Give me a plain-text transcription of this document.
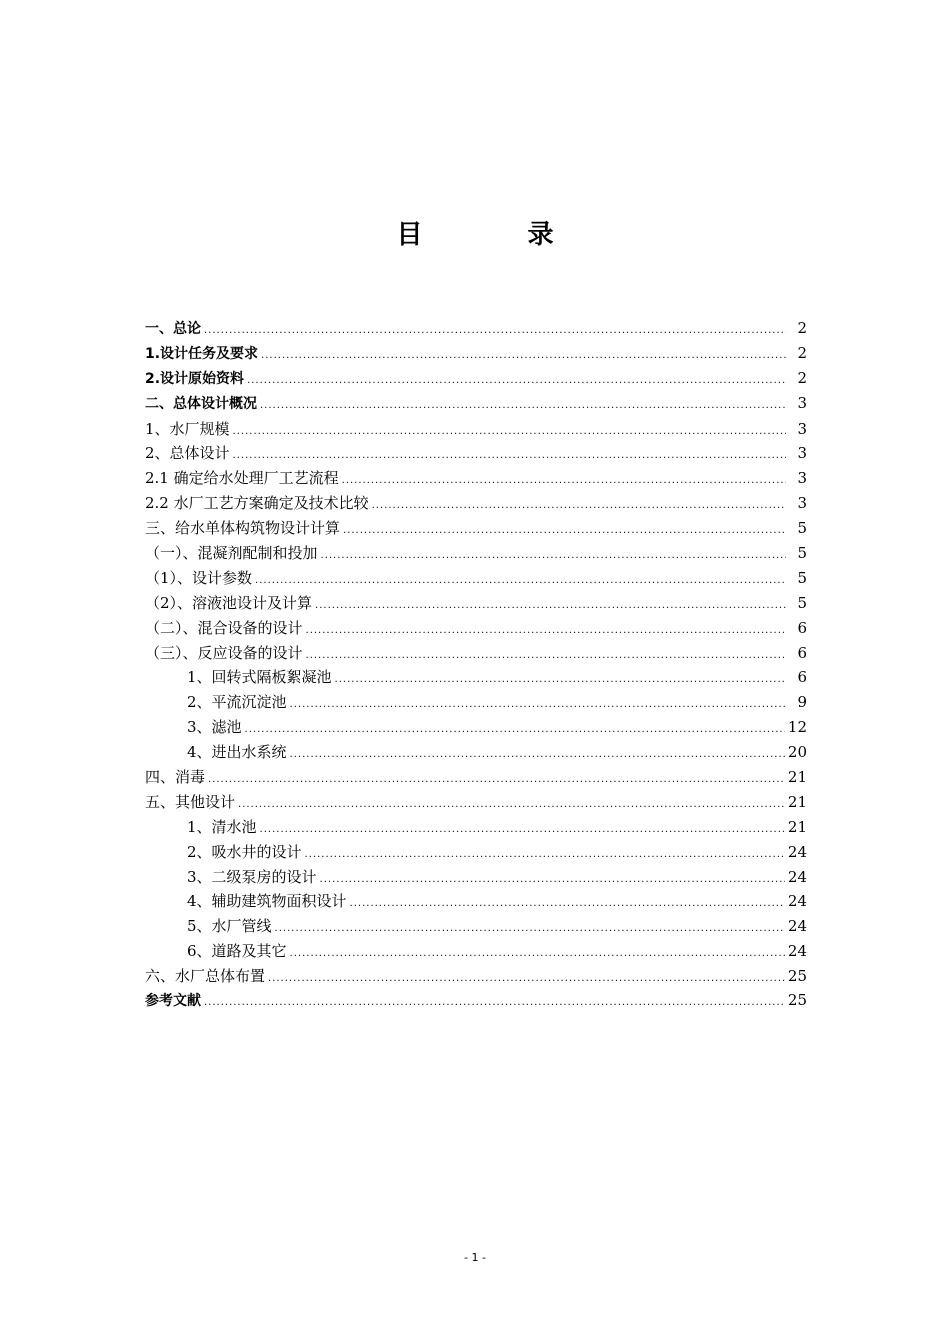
目 录
一、总论 .....	2
1.设计任务及要求 .....	2
2.设计原始资料 .....	2
二、总体设计概况 .....	3
1、水厂规模 .....	3
2、总体设计 .....	3
2.1 确定给水处理厂工艺流程 .....	3
2.2 水厂工艺方案确定及技术比较 .....	3
三、给水单体构筑物设计计算 .....	5
（一）、混凝剂配制和投加 .....	5
（1）、设计参数 .....	5
（2）、溶液池设计及计算 .....	5
（二）、混合设备的设计 .....	6
（三）、反应设备的设计 .....	6
1、回转式隔板絮凝池 .....	6
2、平流沉淀池 .....	9
3、滤池 .....	12
4、进出水系统 .....	20
四、消毒 .....	21
五、其他设计 .....	21
1、清水池 .....	21
2、吸水井的设计 .....	24
3、二级泵房的设计 .....	24
4、辅助建筑物面积设计 .....	24
5、水厂管线 .....	24
6、道路及其它 .....	24
六、水厂总体布置 .....	25
参考文献 .....	25
- 1 -
